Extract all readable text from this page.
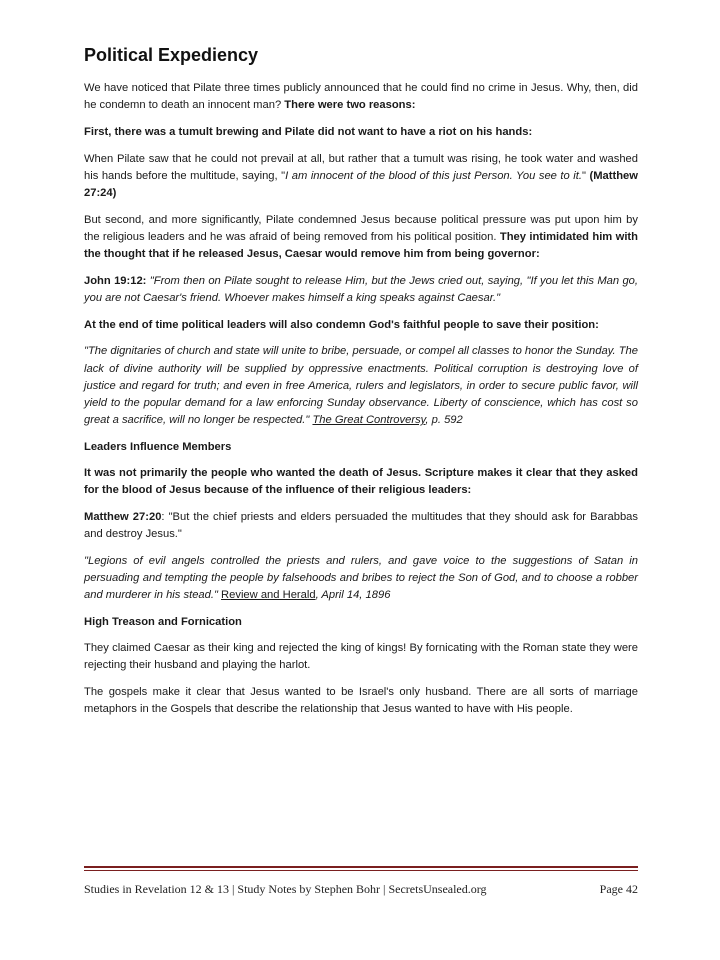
Political Expediency

We have noticed that Pilate three times publicly announced that he could find no crime in Jesus. Why, then, did he condemn to death an innocent man? There were two reasons:

First, there was a tumult brewing and Pilate did not want to have a riot on his hands:

When Pilate saw that he could not prevail at all, but rather that a tumult was rising, he took water and washed his hands before the multitude, saying, "I am innocent of the blood of this just Person. You see to it." (Matthew 27:24)

But second, and more significantly, Pilate condemned Jesus because political pressure was put upon him by the religious leaders and he was afraid of being removed from his political position. They intimidated him with the thought that if he released Jesus, Caesar would remove him from being governor:

John 19:12: "From then on Pilate sought to release Him, but the Jews cried out, saying, "If you let this Man go, you are not Caesar's friend. Whoever makes himself a king speaks against Caesar."

At the end of time political leaders will also condemn God's faithful people to save their position:

"The dignitaries of church and state will unite to bribe, persuade, or compel all classes to honor the Sunday. The lack of divine authority will be supplied by oppressive enactments. Political corruption is destroying love of justice and regard for truth; and even in free America, rulers and legislators, in order to secure public favor, will yield to the popular demand for a law enforcing Sunday observance. Liberty of conscience, which has cost so great a sacrifice, will no longer be respected." The Great Controversy, p. 592

Leaders Influence Members

It was not primarily the people who wanted the death of Jesus. Scripture makes it clear that they asked for the blood of Jesus because of the influence of their religious leaders:

Matthew 27:20: "But the chief priests and elders persuaded the multitudes that they should ask for Barabbas and destroy Jesus."

"Legions of evil angels controlled the priests and rulers, and gave voice to the suggestions of Satan in persuading and tempting the people by falsehoods and bribes to reject the Son of God, and to choose a robber and murderer in his stead." Review and Herald, April 14, 1896

High Treason and Fornication

They claimed Caesar as their king and rejected the king of kings! By fornicating with the Roman state they were rejecting their husband and playing the harlot.

The gospels make it clear that Jesus wanted to be Israel's only husband. There are all sorts of marriage metaphors in the Gospels that describe the relationship that Jesus wanted to have with His people.

Studies in Revelation 12 & 13 | Study Notes by Stephen Bohr | SecretsUnsealed.org	Page 42
